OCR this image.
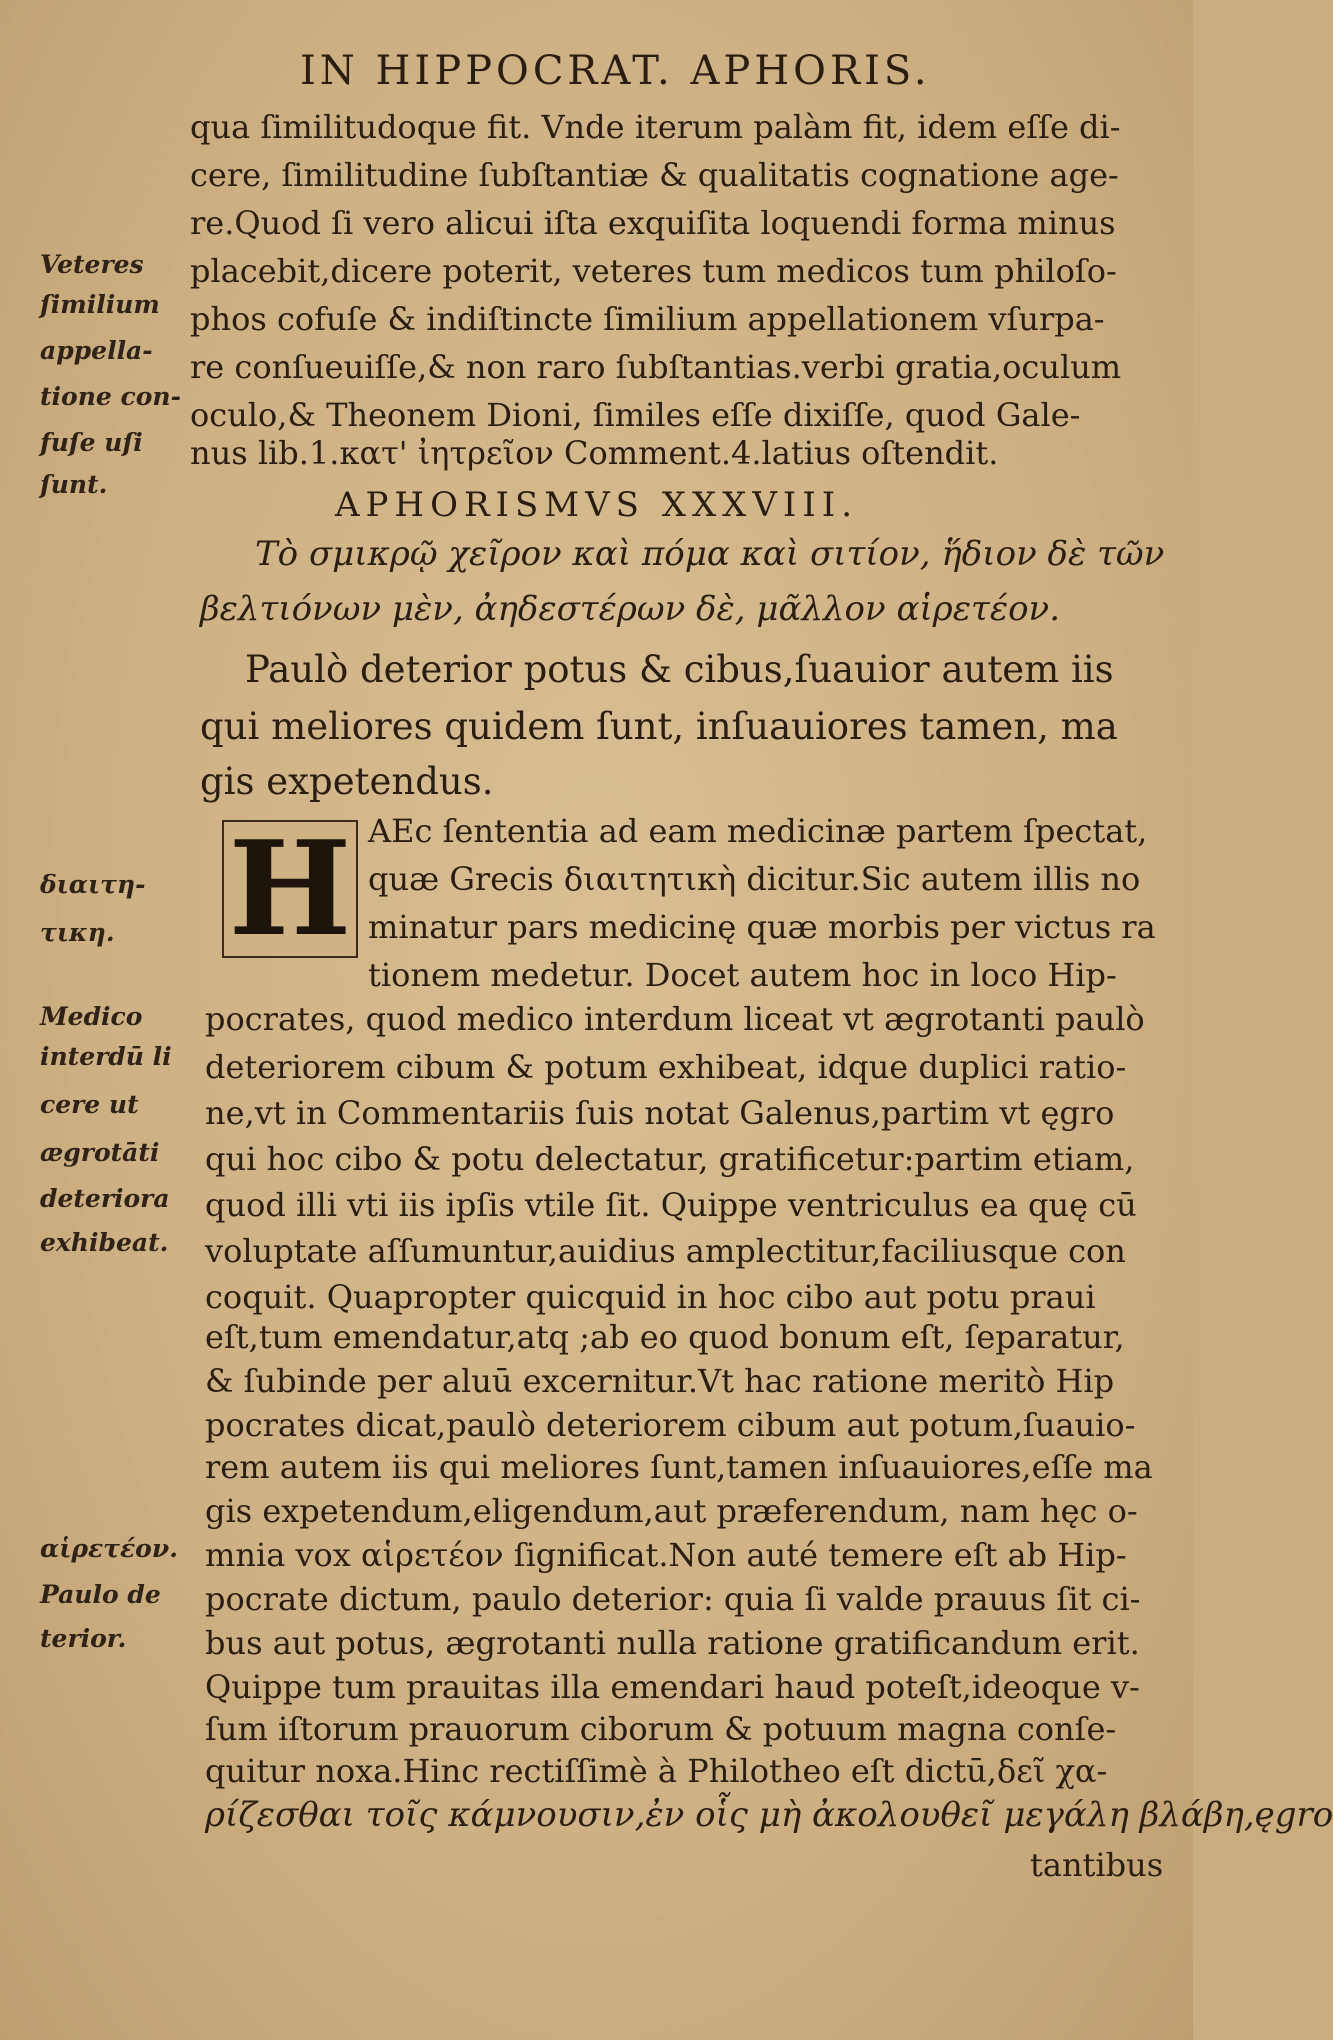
IN HIPPOCRAT. APHORIS.
qua ſimilitudoque fit. Vnde iterum palàm fit, idem eſſe di-
cere, ſimilitudine ſubſtantiæ & qualitatis cognatione age-
re.Quod ſi vero alicui iſta exquiſita loquendi forma minus
placebit,dicere poterit, veteres tum medicos tum philoſo-
phos cofuſe & indiſtincte ſimilium appellationem vſurpa-
re conſueuiſſe,& non raro ſubſtantias.verbi gratia,oculum
oculo,& Theonem Dioni, ſimiles eſſe dixiſſe, quod Gale-
nus lib.1.κατ' ἰητρεῖον Comment.4.latius oſtendit.
Veteres
ſimilium
appella-
tione con-
fuſe uſi
ſunt.
APHORISMVS XXXVIII.
Τὸ σμικρῷ χεῖρον καὶ πόμα καὶ σιτίον, ἥδιον δὲ τῶν
βελτιόνων μὲν, ἀηδεστέρων δὲ, μᾶλλον αἱρετέον.
Paulò deterior potus & cibus,ſuauior autem iis
qui meliores quidem ſunt, inſuauiores tamen, ma
gis expetendus.
H AEc ſententia ad eam medicinæ partem ſpectat,
quæ Grecis διαιτητικὴ dicitur.Sic autem illis no
minatur pars medicinę quæ morbis per victus ra
tionem medetur. Docet autem hoc in loco Hip-
διαιτη-
τικη.
pocrates, quod medico interdum liceat vt ægrotanti paulò
deteriorem cibum & potum exhibeat, idque duplici ratio-
ne,vt in Commentariis ſuis notat Galenus,partim vt ęgro
qui hoc cibo & potu delectatur, gratificetur:partim etiam,
quod illi vti iis ipſis vtile ſit. Quippe ventriculus ea quę cū
voluptate aſſumuntur,auidius amplectitur,faciliusque con
coquit. Quapropter quicquid in hoc cibo aut potu praui
eſt,tum emendatur,atq ;ab eo quod bonum eſt, ſeparatur,
& ſubinde per aluū excernitur.Vt hac ratione meritò Hip
pocrates dicat,paulò deteriorem cibum aut potum,ſuauio-
rem autem iis qui meliores ſunt,tamen inſuauiores,eſſe ma
gis expetendum,eligendum,aut præferendum, nam hęc o-
mnia vox αἱρετέον ſignificat.Non auté temere eſt ab Hip-
pocrate dictum, paulo deterior: quia ſi valde prauus ſit ci-
bus aut potus, ægrotanti nulla ratione gratificandum erit.
Quippe tum prauitas illa emendari haud poteſt,ideoque v-
ſum iſtorum prauorum ciborum & potuum magna conſe-
quitur noxa.Hinc rectiſſimè à Philotheo eſt dictū,δεῖ χα-
ρίζεσθαι τοῖς κάμνουσιν,ἐν οἷς μὴ ἀκολουθεῖ μεγάλη βλάβη,ęgro
tantibus
Medico
interdū li
cere ut
ægrotāti
deteriora
exhibeat.
αἱρετέον.
Paulo de
terior.
